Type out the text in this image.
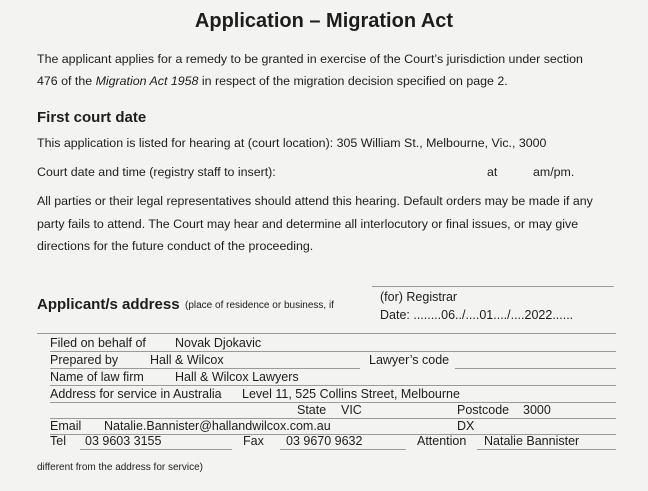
Application – Migration Act
The applicant applies for a remedy to be granted in exercise of the Court’s jurisdiction under section
476 of the Migration Act 1958 in respect of the migration decision specified on page 2.
First court date
This application is listed for hearing at (court location): 305 William St., Melbourne, Vic., 3000
Court date and time (registry staff to insert):	at	am/pm.
All parties or their legal representatives should attend this hearing. Default orders may be made if any
party fails to attend. The Court may hear and determine all interlocutory or final issues, or may give
directions for the future conduct of the proceeding.
(for) Registrar
Date: ........06../....01..../....2022......
Applicant/s address (place of residence or business, if
Filed on behalf of Novak Djokavic
Prepared by	Hall & Wilcox	Lawyer’s code
Name of law firm Hall & Wilcox Lawyers
Address for service in Australia Level 11, 525 Collins Street, Melbourne
State VIC	Postcode 3000
Email Natalie.Bannister@hallandwilcox.com.au	DX
Tel 03 9603 3155	Fax 03 9670 9632	Attention Natalie Bannister
different from the address for service)
